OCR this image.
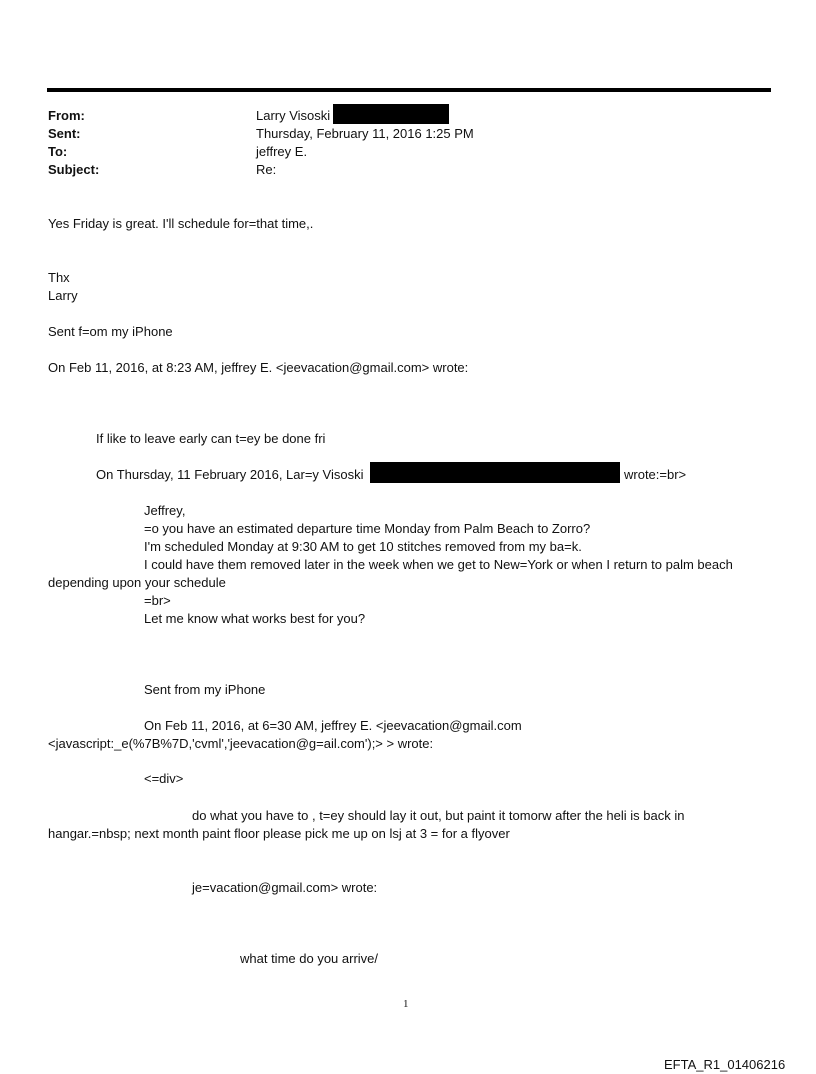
From:	Larry Visoski
Sent:	Thursday, February 11, 2016 1:25 PM
To:	jeffrey E.
Subject:	Re:
Yes Friday is great. I'll schedule for=that time,.
Thx
Larry
Sent f=om my iPhone
On Feb 11, 2016, at 8:23 AM, jeffrey E. <jeevacation@gmail.com> wrote:
If like to leave early can t=ey be done fri
On Thursday, 11 February 2016, Lar=y Visoski	wrote:=br>
Jeffrey,
=o you have an estimated departure time Monday from Palm Beach to Zorro?
I'm scheduled Monday at 9:30 AM to get 10 stitches removed from my ba=k.
I could have them removed later in the week when we get to New=York or when I return to palm beach
depending upon your schedule
=br>
Let me know what works best for you?
Sent from my iPhone
On Feb 11, 2016, at 6=30 AM, jeffrey E. <jeevacation@gmail.com
<javascript:_e(%7B%7D,'cvml','jeevacation@g=ail.com');> > wrote:
<=div>
do what you have to , t=ey should lay it out, but paint it tomorw after the heli is back in
hangar.=nbsp; next month paint floor please pick me up on lsj at 3 = for a flyover
je=vacation@gmail.com> wrote:
what time do you arrive/
1
EFTA_R1_01406216
